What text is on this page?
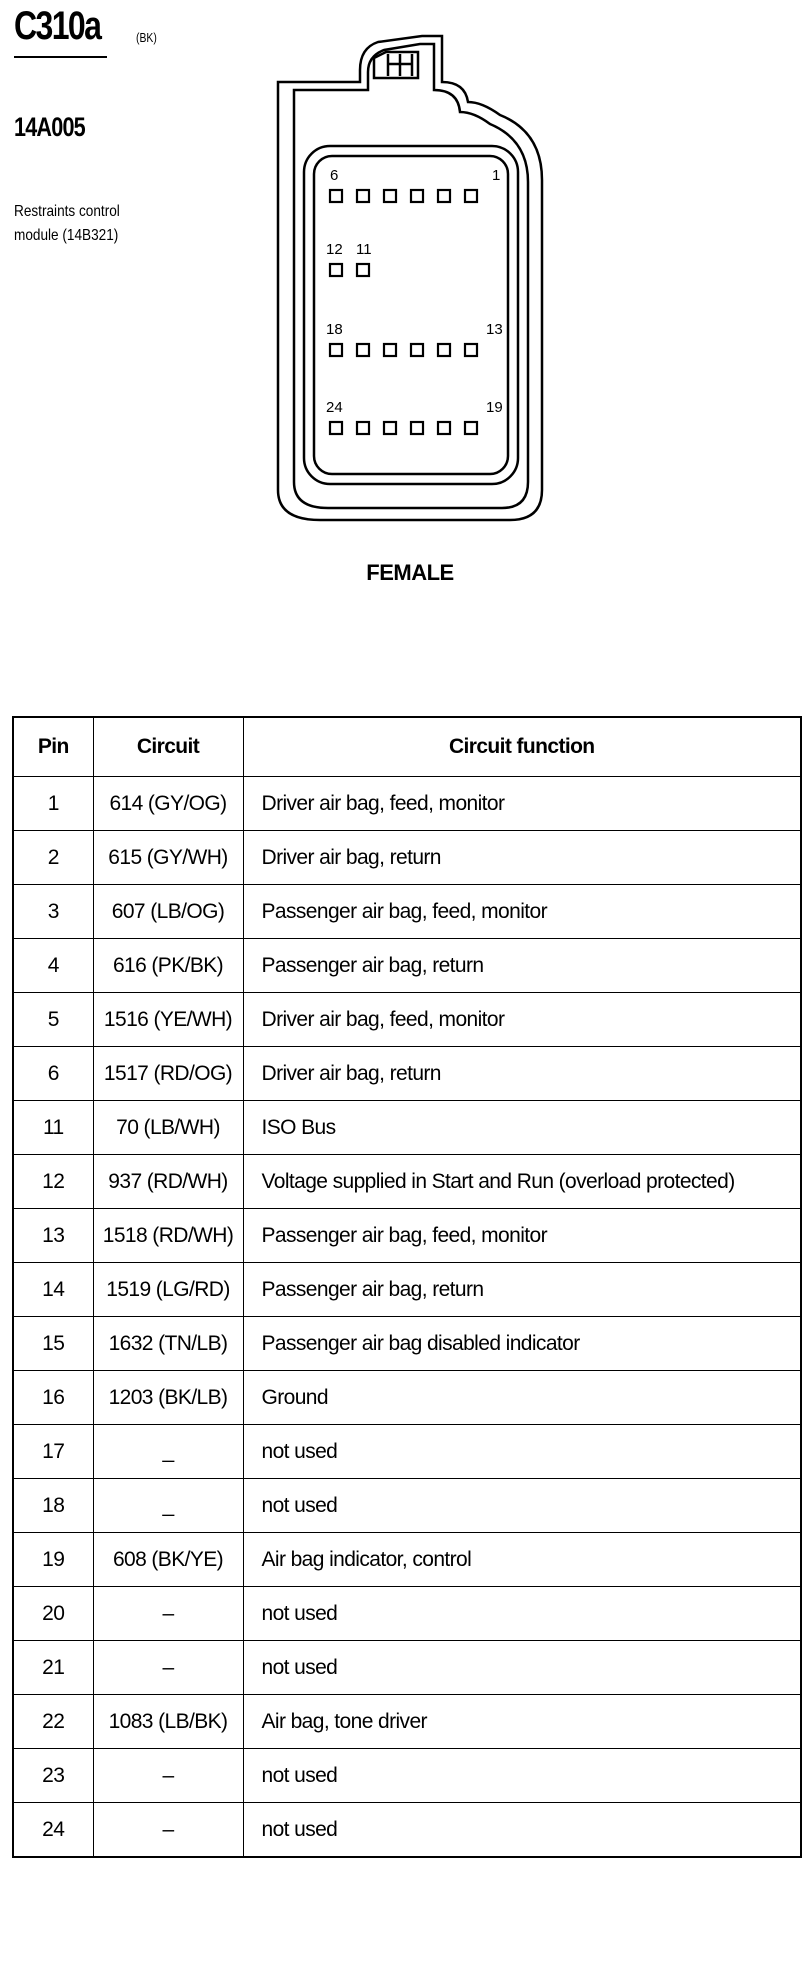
C310a	(BK)
14A005
Restraints control
module (14B321)
6	1
12 11
18	13
24	19
FEMALE
Pin	Circuit	Circuit function
1	614 (GY/OG)	Driver air bag, feed, monitor
2	615 (GY/WH)	Driver air bag, return
3	607 (LB/OG)	Passenger air bag, feed, monitor
4	616 (PK/BK)	Passenger air bag, return
5	1516 (YE/WH)	Driver air bag, feed, monitor
6	1517 (RD/OG)	Driver air bag, return
11	70 (LB/WH)	ISO Bus
12	937 (RD/WH)	Voltage supplied in Start and Run (overload protected)
13	1518 (RD/WH)	Passenger air bag, feed, monitor
14	1519 (LG/RD)	Passenger air bag, return
15	1632 (TN/LB)	Passenger air bag disabled indicator
16	1203 (BK/LB)	Ground
17	_	not used
18	_	not used
19	608 (BK/YE)	Air bag indicator, control
20	–	not used
21	–	not used
22	1083 (LB/BK)	Air bag, tone driver
23	–	not used
24	–	not used
